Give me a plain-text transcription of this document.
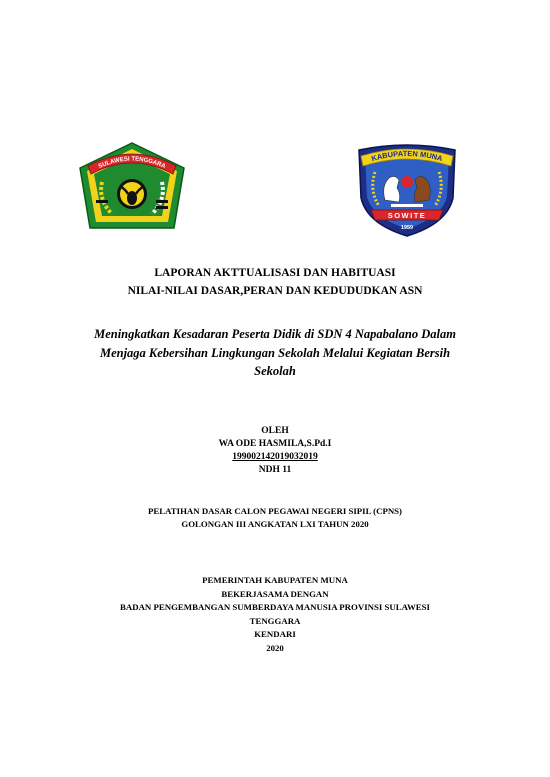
SULAWESI TENGGARA
KABUPATEN MUNA
SOWITE
1959
LAPORAN AKTTUALISASI DAN HABITUASI
NILAI-NILAI DASAR,PERAN DAN KEDUDUDKAN ASN
Meningkatkan Kesadaran Peserta Didik di SDN 4 Napabalano Dalam
Menjaga Kebersihan Lingkungan Sekolah Melalui Kegiatan Bersih
Sekolah
OLEH
WA ODE HASMILA,S.Pd.I
199002142019032019
NDH 11
PELATIHAN DASAR CALON PEGAWAI NEGERI SIPIL (CPNS)
GOLONGAN III ANGKATAN LXI TAHUN 2020
PEMERINTAH KABUPATEN MUNA
BEKERJASAMA DENGAN
BADAN PENGEMBANGAN SUMBERDAYA MANUSIA PROVINSI SULAWESI
TENGGARA
KENDARI
2020
